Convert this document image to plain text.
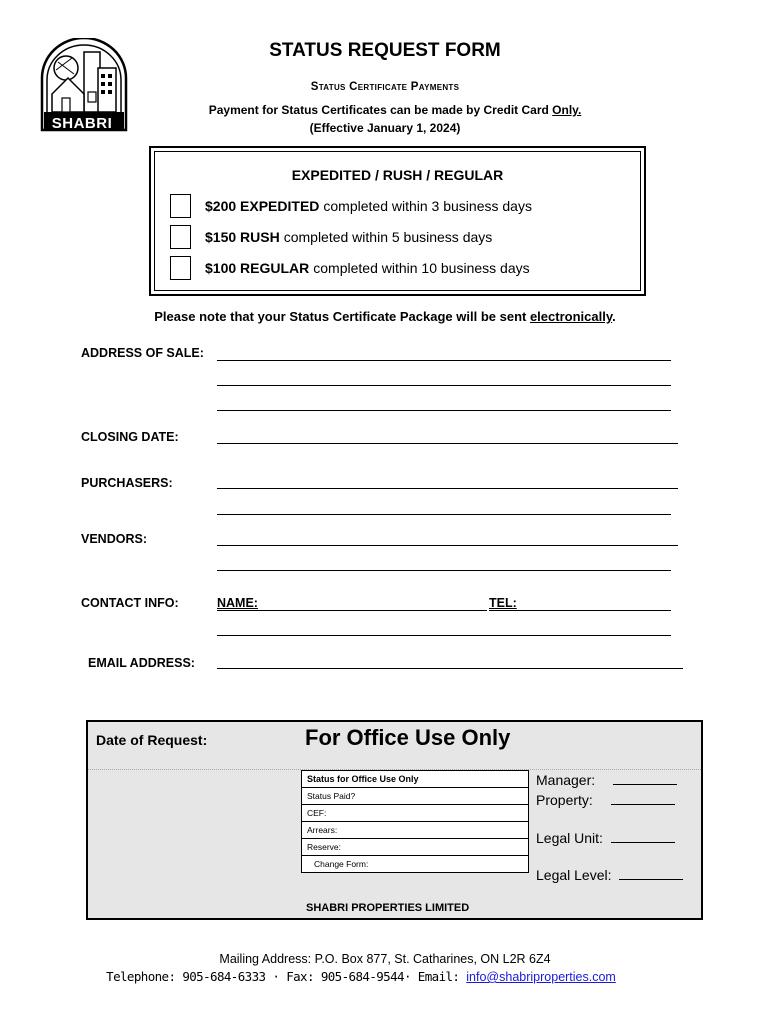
SHABRI
STATUS REQUEST FORM
Status Certificate Payments
Payment for Status Certificates can be made by Credit Card Only.
(Effective January 1, 2024)
EXPEDITED / RUSH / REGULAR
$200 EXPEDITED completed within 3 business days
$150 RUSH completed within 5 business days
$100 REGULAR completed within 10 business days
Please note that your Status Certificate Package will be sent electronically.
ADDRESS OF SALE:
CLOSING DATE:
PURCHASERS:
VENDORS:
CONTACT INFO:	NAME:	TEL:
EMAIL ADDRESS:
Date of Request:	For Office Use Only
Status for Office Use Only
Status Paid?
CEF:
Arrears:
Reserve:
Change Form:
Manager:
Property:
Legal Unit:
Legal Level:
SHABRI PROPERTIES LIMITED
Mailing Address: P.O. Box 877, St. Catharines, ON L2R 6Z4
Telephone: 905-684-6333 · Fax: 905-684-9544· Email: info@shabriproperties.com
